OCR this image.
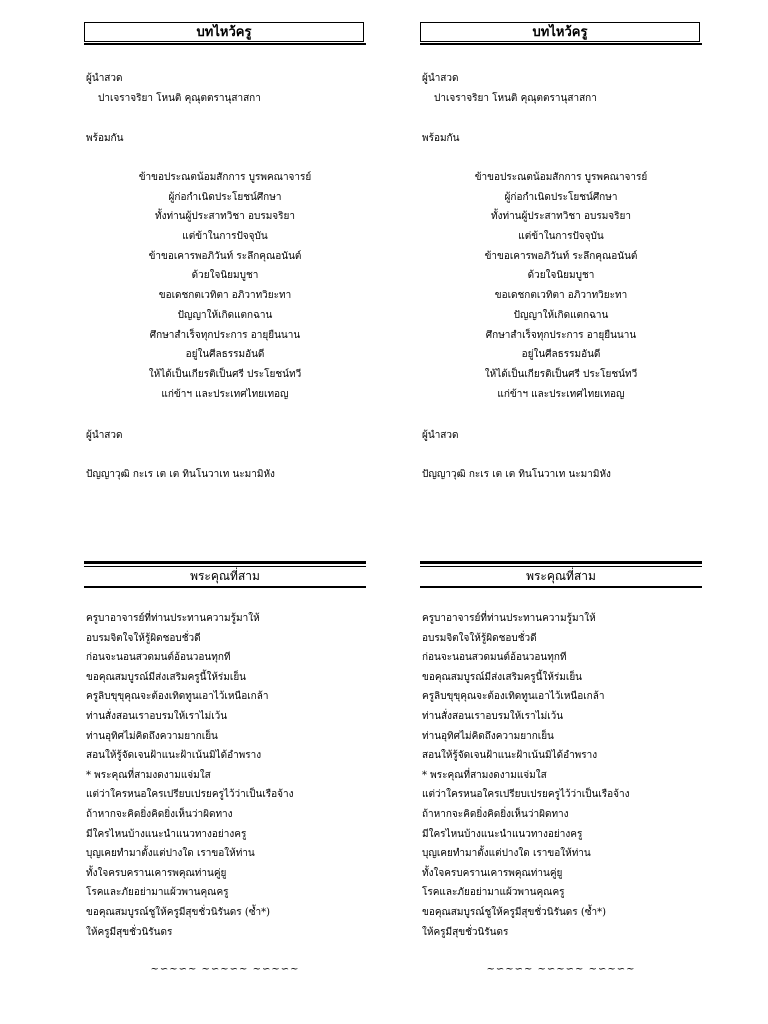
บทไหว้ครู
ผู้นำสวด
ปาเจราจริยา โหนติ คุณุตตรานุสาสกา
พร้อมกัน
ข้าขอประณตน้อมสักการ บูรพคณาจารย์
ผู้ก่อกำเนิดประโยชน์ศึกษา
ทั้งท่านผู้ประสาทวิชา อบรมจริยา
แต่ข้าในการปัจจุบัน
ข้าขอเคารพอภิวันท์ ระลึกคุณอนันต์
ด้วยใจนิยมบูชา
ขอเดชกตเวทิตา อภิวาทวิยะทา
ปัญญาให้เกิดแตกฉาน
ศึกษาสำเร็จทุกประการ อายุยืนนาน
อยู่ในศีลธรรมอันดี
ให้ได้เป็นเกียรติเป็นศรี ประโยชน์ทวี
แก่ข้าฯ และประเทศไทยเทอญ
ผู้นำสวด
ปัญญาวุฒิ กะเร เต เต ทินโนวาเท นะมามิหัง
พระคุณที่สาม
ครูบาอาจารย์ที่ท่านประทานความรู้มาให้
อบรมจิตใจให้รู้ผิดชอบชั่วดี
ก่อนจะนอนสวดมนต์อ้อนวอนทุกที
ขอคุณสมบูรณ์มีส่งเสริมครูนี้ให้ร่มเย็น
ครูลิบขุขุคุณจะต้องเทิดทูนเอาไว้เหนือเกล้า
ท่านสั่งสอนเราอบรมให้เราไม่เว้น
ท่านอุทิศไม่คิดถึงความยากเย็น
สอนให้รู้จัดเจนฝ้าแนะฝ้าเน้นมิได้อำพราง
* พระคุณที่สามงดงามแจ่มใส
แต่ว่าใครหนอใครเปรียบเปรยครูไว้ว่าเป็นเรือจ้าง
ถ้าหากจะคิดยิ่งคิดยิ่งเห็นว่าผิดทาง
มีใครไหนบ้างแนะนำแนวทางอย่างครู
บุญเคยทำมาตั้งแต่ปางใด เราขอให้ท่าน
ทั้งใจครบครานเคารพคุณท่านคู่ยู
โรคและภัยอย่ามาแผ้วพานคุณครู
ขอคุณสมบูรณ์ชูให้ครูมีสุขชั่วนิรันดร (ซ้ำ*)
ให้ครูมีสุขชั่วนิรันดร
~∽~∽~ ~∽~∽~ ~∽~∽~
บทไหว้ครู
ผู้นำสวด
ปาเจราจริยา โหนติ คุณุตตรานุสาสกา
พร้อมกัน
ข้าขอประณตน้อมสักการ บูรพคณาจารย์
ผู้ก่อกำเนิดประโยชน์ศึกษา
ทั้งท่านผู้ประสาทวิชา อบรมจริยา
แต่ข้าในการปัจจุบัน
ข้าขอเคารพอภิวันท์ ระลึกคุณอนันต์
ด้วยใจนิยมบูชา
ขอเดชกตเวทิตา อภิวาทวิยะทา
ปัญญาให้เกิดแตกฉาน
ศึกษาสำเร็จทุกประการ อายุยืนนาน
อยู่ในศีลธรรมอันดี
ให้ได้เป็นเกียรติเป็นศรี ประโยชน์ทวี
แก่ข้าฯ และประเทศไทยเทอญ
ผู้นำสวด
ปัญญาวุฒิ กะเร เต เต ทินโนวาเท นะมามิหัง
พระคุณที่สาม
ครูบาอาจารย์ที่ท่านประทานความรู้มาให้
อบรมจิตใจให้รู้ผิดชอบชั่วดี
ก่อนจะนอนสวดมนต์อ้อนวอนทุกที
ขอคุณสมบูรณ์มีส่งเสริมครูนี้ให้ร่มเย็น
ครูลิบขุขุคุณจะต้องเทิดทูนเอาไว้เหนือเกล้า
ท่านสั่งสอนเราอบรมให้เราไม่เว้น
ท่านอุทิศไม่คิดถึงความยากเย็น
สอนให้รู้จัดเจนฝ้าแนะฝ้าเน้นมิได้อำพราง
* พระคุณที่สามงดงามแจ่มใส
แต่ว่าใครหนอใครเปรียบเปรยครูไว้ว่าเป็นเรือจ้าง
ถ้าหากจะคิดยิ่งคิดยิ่งเห็นว่าผิดทาง
มีใครไหนบ้างแนะนำแนวทางอย่างครู
บุญเคยทำมาตั้งแต่ปางใด เราขอให้ท่าน
ทั้งใจครบครานเคารพคุณท่านคู่ยู
โรคและภัยอย่ามาแผ้วพานคุณครู
ขอคุณสมบูรณ์ชูให้ครูมีสุขชั่วนิรันดร (ซ้ำ*)
ให้ครูมีสุขชั่วนิรันดร
~∽~∽~ ~∽~∽~ ~∽~∽~
